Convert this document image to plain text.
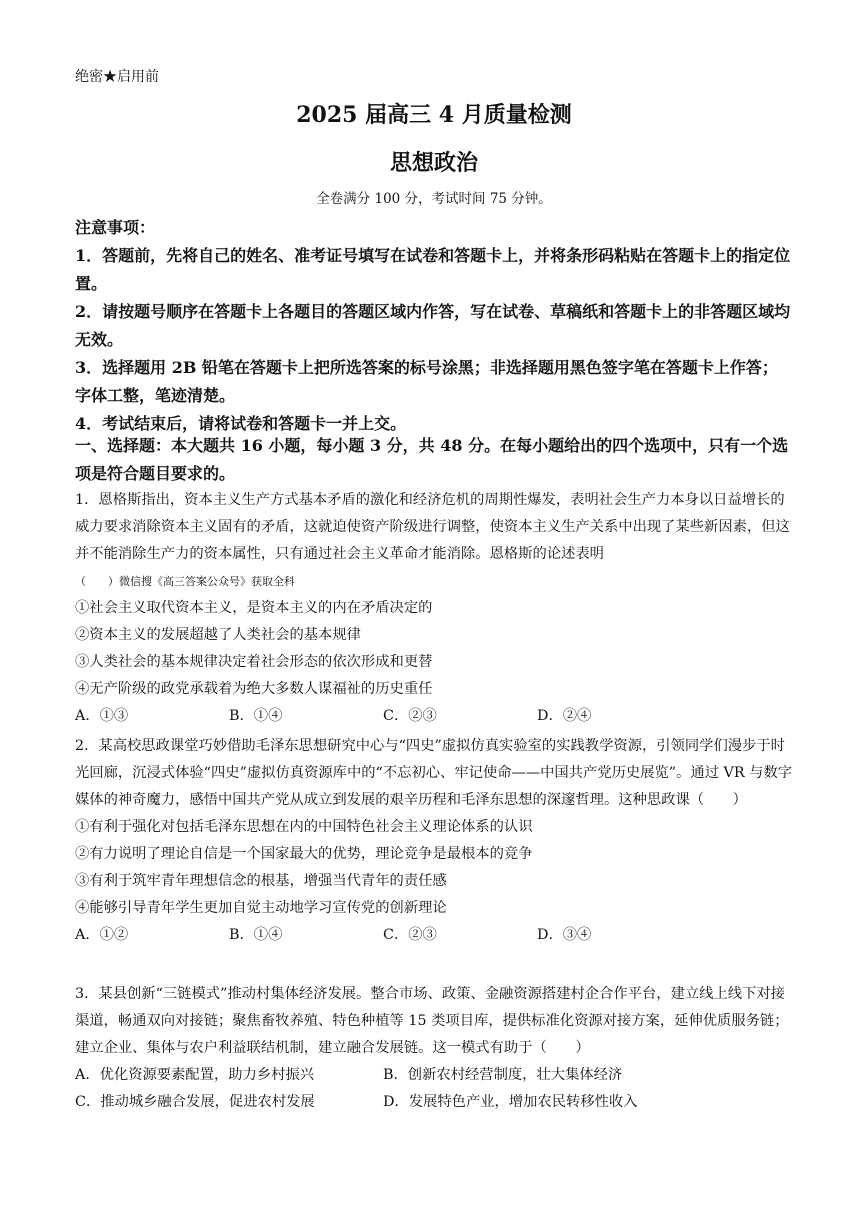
绝密★启用前
2025 届高三 4 月质量检测
思想政治
全卷满分 100 分，考试时间 75 分钟。
注意事项：
1．答题前，先将自己的姓名、准考证号填写在试卷和答题卡上，并将条形码粘贴在答题卡上的指定位置。
2．请按题号顺序在答题卡上各题目的答题区域内作答，写在试卷、草稿纸和答题卡上的非答题区域均无效。
3．选择题用 2B 铅笔在答题卡上把所选答案的标号涂黑；非选择题用黑色签字笔在答题卡上作答；字体工整，笔迹清楚。
4．考试结束后，请将试卷和答题卡一并上交。
一、选择题：本大题共 16 小题，每小题 3 分，共 48 分。在每小题给出的四个选项中，只有一个选项是符合题目要求的。

1．恩格斯指出，资本主义生产方式基本矛盾的激化和经济危机的周期性爆发，表明社会生产力本身以日益增长的威力要求消除资本主义固有的矛盾，这就迫使资产阶级进行调整，使资本主义生产关系中出现了某些新因素，但这并不能消除生产力的资本属性，只有通过社会主义革命才能消除。恩格斯的论述表明

（　　）微信搜《高三答案公众号》获取全科

①社会主义取代资本主义，是资本主义的内在矛盾决定的

②资本主义的发展超越了人类社会的基本规律

③人类社会的基本规律决定着社会形态的依次形成和更替

④无产阶级的政党承载着为绝大多数人谋福祉的历史重任

A．①③	B．①④	C．②③	D．②④

2．某高校思政课堂巧妙借助毛泽东思想研究中心与“四史”虚拟仿真实验室的实践教学资源，引领同学们漫步于时光回廊，沉浸式体验“四史”虚拟仿真资源库中的“不忘初心、牢记使命——中国共产党历史展览”。通过 VR 与数字媒体的神奇魔力，感悟中国共产党从成立到发展的艰辛历程和毛泽东思想的深邃哲理。这种思政课（　　）

①有利于强化对包括毛泽东思想在内的中国特色社会主义理论体系的认识

②有力说明了理论自信是一个国家最大的优势，理论竞争是最根本的竞争

③有利于筑牢青年理想信念的根基，增强当代青年的责任感

④能够引导青年学生更加自觉主动地学习宣传党的创新理论

A．①②	B．①④	C．②③	D．③④

3．某县创新“三链模式”推动村集体经济发展。整合市场、政策、金融资源搭建村企合作平台，建立线上线下对接渠道，畅通双向对接链；聚焦畜牧养殖、特色种植等 15 类项目库，提供标准化资源对接方案，延伸优质服务链；建立企业、集体与农户利益联结机制，建立融合发展链。这一模式有助于（　　）

A．优化资源要素配置，助力乡村振兴	B．创新农村经营制度，壮大集体经济
C．推动城乡融合发展，促进农村发展	D．发展特色产业，增加农民转移性收入
